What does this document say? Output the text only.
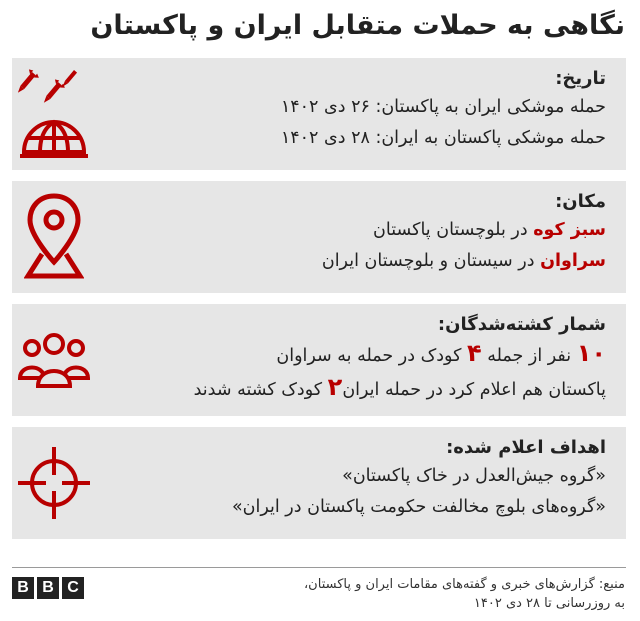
نگاهی به حملات متقابل ایران و پاکستان
تاریخ:
حمله موشکی ایران به پاکستان: ۲۶ دی ۱۴۰۲
حمله موشکی پاکستان به ایران: ۲۸ دی ۱۴۰۲
مکان:
سبز کوه در بلوچستان پاکستان
سراوان در سیستان و بلوچستان ایران
شمار کشته‌شدگان:
۱۰ نفر از جمله ۴ کودک در حمله به سراوان
پاکستان هم اعلام کرد در حمله ایران۲ کودک کشته شدند
اهداف اعلام شده:
«گروه جیش‌العدل در خاک پاکستان»
«گروه‌های بلوچ مخالفت حکومت پاکستان در ایران»
B B C	منبع: گزارش‌های خبری و گفته‌های مقامات ایران و پاکستان،
به روزرسانی تا ۲۸ دی ۱۴۰۲
